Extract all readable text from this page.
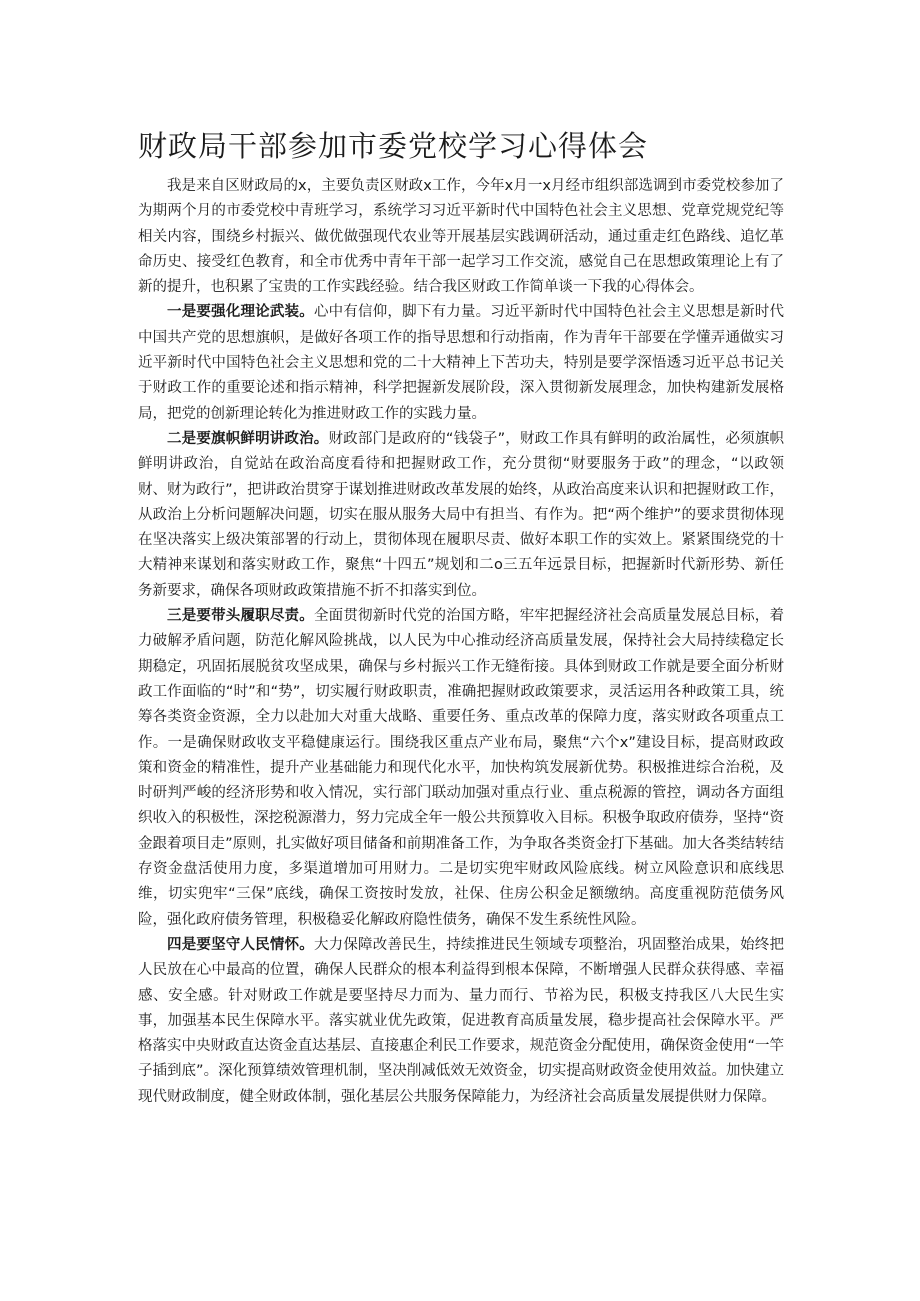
财政局干部参加市委党校学习心得体会

我是来自区财政局的x，主要负责区财政x工作，今年x月一x月经市组织部选调到市委党校参加了为期两个月的市委党校中青班学习，系统学习习近平新时代中国特色社会主义思想、党章党规党纪等相关内容，围绕乡村振兴、做优做强现代农业等开展基层实践调研活动，通过重走红色路线、追忆革命历史、接受红色教育，和全市优秀中青年干部一起学习工作交流，感觉自己在思想政策理论上有了新的提升，也积累了宝贵的工作实践经验。结合我区财政工作简单谈一下我的心得体会。

一是要强化理论武装。心中有信仰，脚下有力量。习近平新时代中国特色社会主义思想是新时代中国共产党的思想旗帜，是做好各项工作的指导思想和行动指南，作为青年干部要在学懂弄通做实习近平新时代中国特色社会主义思想和党的二十大精神上下苦功夫，特别是要学深悟透习近平总书记关于财政工作的重要论述和指示精神，科学把握新发展阶段，深入贯彻新发展理念，加快构建新发展格局，把党的创新理论转化为推进财政工作的实践力量。

二是要旗帜鲜明讲政治。财政部门是政府的“钱袋子”，财政工作具有鲜明的政治属性，必须旗帜鲜明讲政治，自觉站在政治高度看待和把握财政工作，充分贯彻“财要服务于政”的理念，“以政领财、财为政行”，把讲政治贯穿于谋划推进财政改革发展的始终，从政治高度来认识和把握财政工作，从政治上分析问题解决问题，切实在服从服务大局中有担当、有作为。把“两个维护”的要求贯彻体现在坚决落实上级决策部署的行动上，贯彻体现在履职尽责、做好本职工作的实效上。紧紧围绕党的十大精神来谋划和落实财政工作，聚焦“十四五”规划和二o三五年远景目标，把握新时代新形势、新任务新要求，确保各项财政政策措施不折不扣落实到位。

三是要带头履职尽责。全面贯彻新时代党的治国方略，牢牢把握经济社会高质量发展总目标，着力破解矛盾问题，防范化解风险挑战，以人民为中心推动经济高质量发展，保持社会大局持续稳定长期稳定，巩固拓展脱贫攻坚成果，确保与乡村振兴工作无缝衔接。具体到财政工作就是要全面分析财政工作面临的“时”和“势”，切实履行财政职责，准确把握财政政策要求，灵活运用各种政策工具，统筹各类资金资源，全力以赴加大对重大战略、重要任务、重点改革的保障力度，落实财政各项重点工作。一是确保财政收支平稳健康运行。围绕我区重点产业布局，聚焦“六个x”建设目标，提高财政政策和资金的精准性，提升产业基础能力和现代化水平，加快构筑发展新优势。积极推进综合治税，及时研判严峻的经济形势和收入情况，实行部门联动加强对重点行业、重点税源的管控，调动各方面组织收入的积极性，深挖税源潜力，努力完成全年一般公共预算收入目标。积极争取政府债券，坚持“资金跟着项目走”原则，扎实做好项目储备和前期准备工作，为争取各类资金打下基础。加大各类结转结存资金盘活使用力度，多渠道增加可用财力。二是切实兜牢财政风险底线。树立风险意识和底线思维，切实兜牢“三保”底线，确保工资按时发放，社保、住房公积金足额缴纳。高度重视防范债务风险，强化政府债务管理，积极稳妥化解政府隐性债务，确保不发生系统性风险。

四是要坚守人民情怀。大力保障改善民生，持续推进民生领域专项整治，巩固整治成果，始终把人民放在心中最高的位置，确保人民群众的根本利益得到根本保障，不断增强人民群众获得感、幸福感、安全感。针对财政工作就是要坚持尽力而为、量力而行、节裕为民，积极支持我区八大民生实事，加强基本民生保障水平。落实就业优先政策，促进教育高质量发展，稳步提高社会保障水平。严格落实中央财政直达资金直达基层、直接惠企利民工作要求，规范资金分配使用，确保资金使用“一竿子插到底”。深化预算绩效管理机制，坚决削减低效无效资金，切实提高财政资金使用效益。加快建立现代财政制度，健全财政体制，强化基层公共服务保障能力，为经济社会高质量发展提供财力保障。
